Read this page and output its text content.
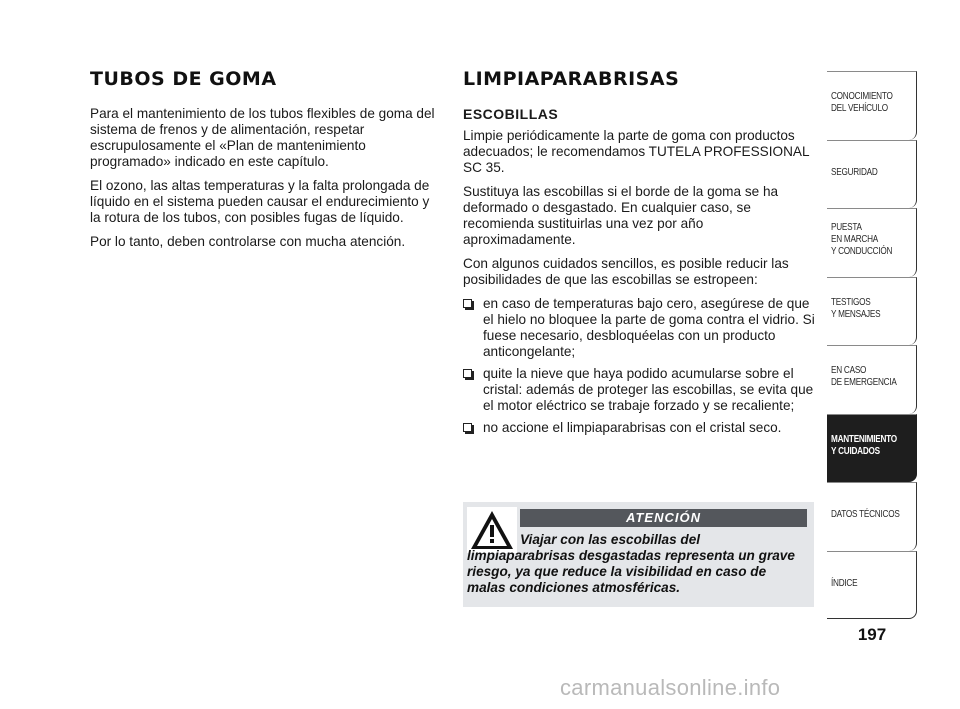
TUBOS DE GOMA

Para el mantenimiento de los tubos flexibles de goma del sistema de frenos y de alimentación, respetar escrupulosamente el «Plan de mantenimiento programado» indicado en este capítulo.

El ozono, las altas temperaturas y la falta prolongada de líquido en el sistema pueden causar el endurecimiento y la rotura de los tubos, con posibles fugas de líquido.

Por lo tanto, deben controlarse con mucha atención.

LIMPIAPARABRISAS
ESCOBILLAS

Limpie periódicamente la parte de goma con productos adecuados; le recomendamos TUTELA PROFESSIONAL SC 35.

Sustituya las escobillas si el borde de la goma se ha deformado o desgastado. En cualquier caso, se recomienda sustituirlas una vez por año aproximadamente.

Con algunos cuidados sencillos, es posible reducir las posibilidades de que las escobillas se estropeen:

en caso de temperaturas bajo cero, asegúrese de que el hielo no bloquee la parte de goma contra el vidrio. Si fuese necesario, desbloquéelas con un producto anticongelante;
quite la nieve que haya podido acumularse sobre el cristal: además de proteger las escobillas, se evita que el motor eléctrico se trabaje forzado y se recaliente;
no accione el limpiaparabrisas con el cristal seco.
ATENCIÓN

Viajar con las escobillas del limpiaparabrisas desgastadas representa un grave riesgo, ya que reduce la visibilidad en caso de malas condiciones atmosféricas.

CONOCIMIENTO
DEL VEHÍCULO
SEGURIDAD
PUESTA
EN MARCHA
Y CONDUCCIÓN
TESTIGOS
Y MENSAJES
EN CASO
DE EMERGENCIA
MANTENIMIENTO
Y CUIDADOS
DATOS TÉCNICOS
ÍNDICE
197
carmanualsonline.info
